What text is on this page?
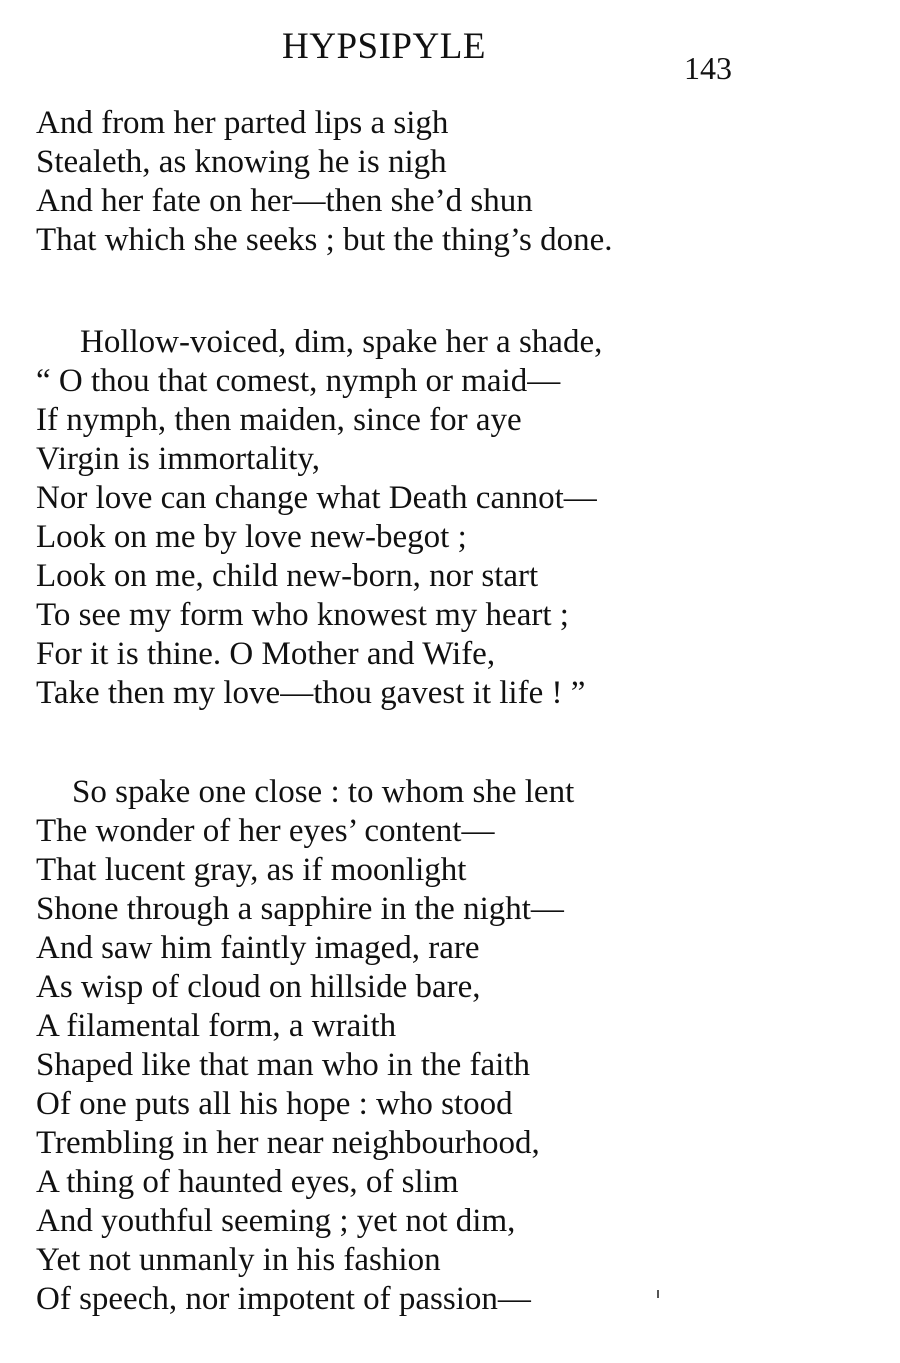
HYPSIPYLE
143
And from her parted lips a sigh
Stealeth, as knowing he is nigh
And her fate on her—then she’d shun
That which she seeks ; but the thing’s done.
Hollow-voiced, dim, spake her a shade,
“ O thou that comest, nymph or maid—
If nymph, then maiden, since for aye
Virgin is immortality,
Nor love can change what Death cannot—
Look on me by love new-begot ;
Look on me, child new-born, nor start
To see my form who knowest my heart ;
For it is thine. O Mother and Wife,
Take then my love—thou gavest it life ! ”
So spake one close : to whom she lent
The wonder of her eyes’ content—
That lucent gray, as if moonlight
Shone through a sapphire in the night—
And saw him faintly imaged, rare
As wisp of cloud on hillside bare,
A filamental form, a wraith
Shaped like that man who in the faith
Of one puts all his hope : who stood
Trembling in her near neighbourhood,
A thing of haunted eyes, of slim
And youthful seeming ; yet not dim,
Yet not unmanly in his fashion
Of speech, nor impotent of passion—
